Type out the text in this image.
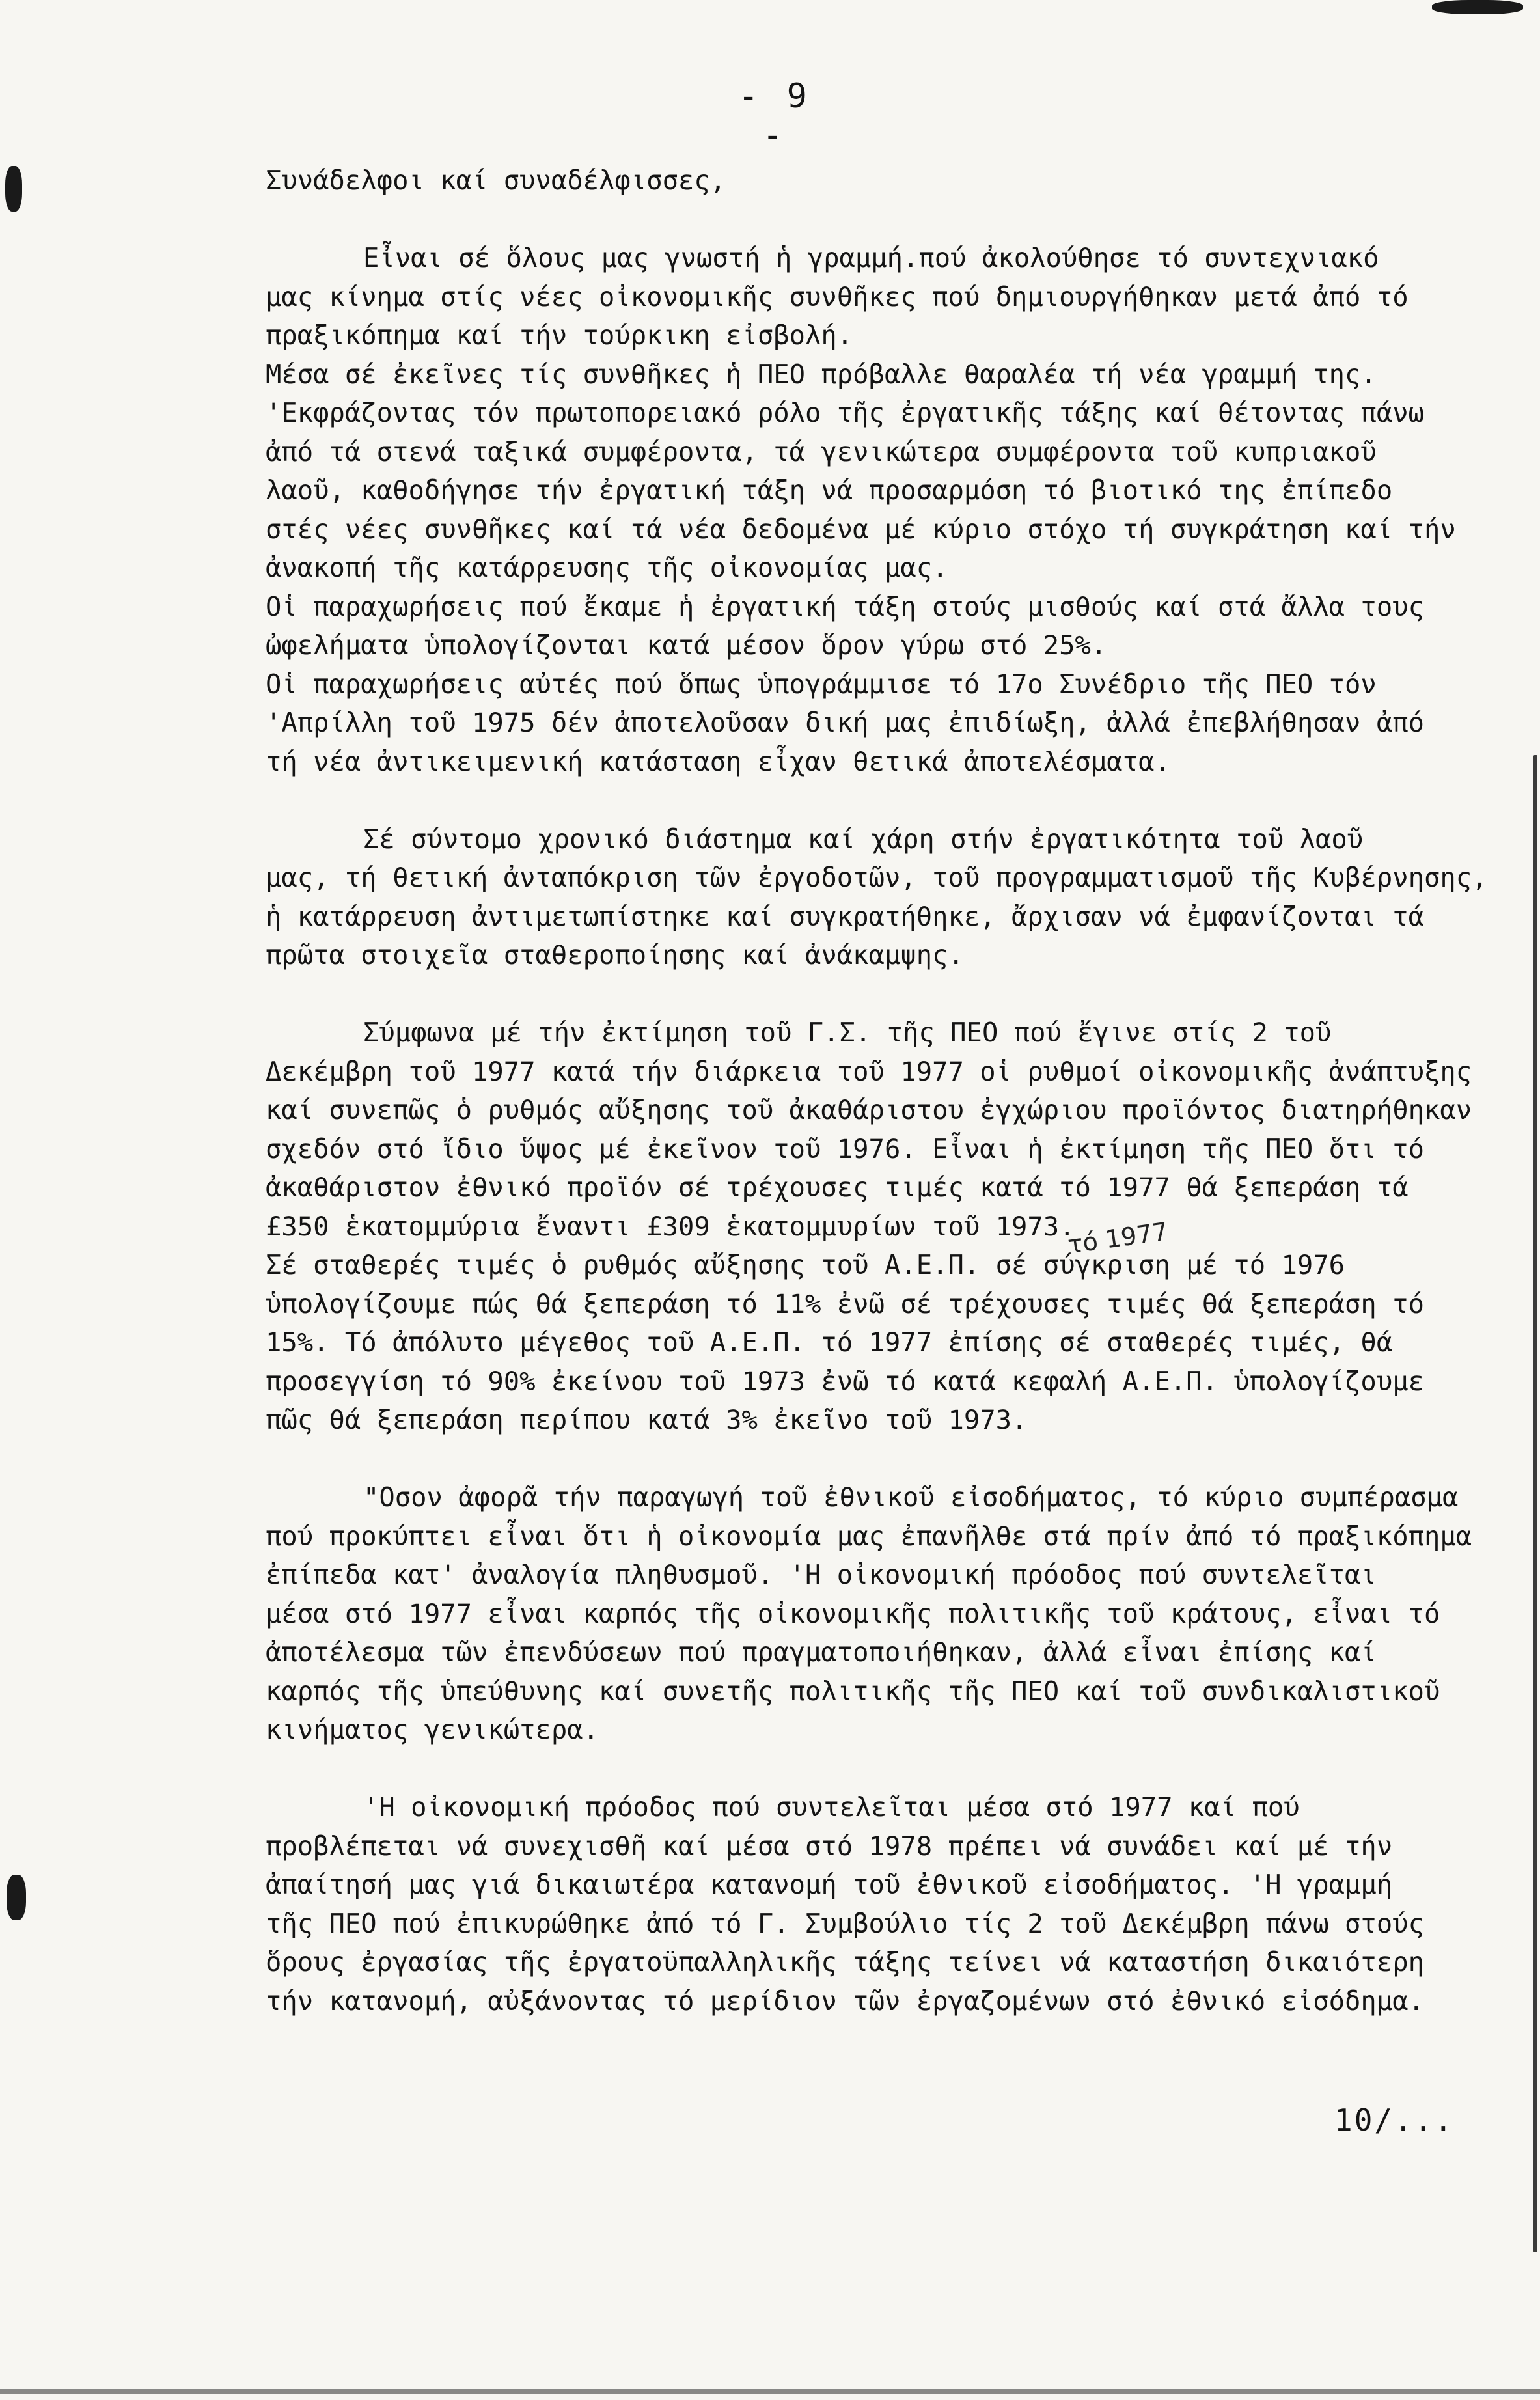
- 9 -
Συνάδελφοι καί συναδέλφισσες,
Εἶναι σέ ὅλους μας γνωστή ἡ γραμμή.πού ἀκολούθησε τό συντεχνιακό
μας κίνημα στίς νέες οἰκονομικῆς συνθῆκες πού δημιουργήθηκαν μετά ἀπό τό
πραξικόπημα καί τήν τούρκικη εἰσβολή.
Μέσα σέ ἐκεῖνες τίς συνθῆκες ἡ ΠΕΟ πρόβαλλε θαραλέα τή νέα γραμμή της.
'Εκφράζοντας τόν πρωτοπορειακό ρόλο τῆς ἐργατικῆς τάξης καί θέτοντας πάνω
ἀπό τά στενά ταξικά συμφέροντα, τά γενικώτερα συμφέροντα τοῦ κυπριακοῦ
λαοῦ, καθοδήγησε τήν ἐργατική τάξη νά προσαρμόση τό βιοτικό της ἐπίπεδο
στές νέες συνθῆκες καί τά νέα δεδομένα μέ κύριο στόχο τή συγκράτηση καί τήν
ἀνακοπή τῆς κατάρρευσης τῆς οἰκονομίας μας.
Οἱ παραχωρήσεις πού ἔκαμε ἡ ἐργατική τάξη στούς μισθούς καί στά ἄλλα τους
ὠφελήματα ὑπολογίζονται κατά μέσον ὅρον γύρω στό 25%.
Οἱ παραχωρήσεις αὐτές πού ὅπως ὑπογράμμισε τό 17ο Συνέδριο τῆς ΠΕΟ τόν
'Απρίλλη τοῦ 1975 δέν ἀποτελοῦσαν δική μας ἐπιδίωξη, ἀλλά ἐπεβλήθησαν ἀπό
τή νέα ἀντικειμενική κατάσταση εἶχαν θετικά ἀποτελέσματα.
Σέ σύντομο χρονικό διάστημα καί χάρη στήν ἐργατικότητα τοῦ λαοῦ
μας, τή θετική ἀνταπόκριση τῶν ἐργοδοτῶν, τοῦ προγραμματισμοῦ τῆς Κυβέρνησης,
ἡ κατάρρευση ἀντιμετωπίστηκε καί συγκρατήθηκε, ἄρχισαν νά ἐμφανίζονται τά
πρῶτα στοιχεῖα σταθεροποίησης καί ἀνάκαμψης.
Σύμφωνα μέ τήν ἐκτίμηση τοῦ Γ.Σ. τῆς ΠΕΟ πού ἔγινε στίς 2 τοῦ
Δεκέμβρη τοῦ 1977 κατά τήν διάρκεια τοῦ 1977 οἱ ρυθμοί οἰκονομικῆς ἀνάπτυξης
καί συνεπῶς ὁ ρυθμός αὔξησης τοῦ ἀκαθάριστου ἐγχώριου προϊόντος διατηρήθηκαν
σχεδόν στό ἴδιο ὕψος μέ ἐκεῖνον τοῦ 1976. Εἶναι ἡ ἐκτίμηση τῆς ΠΕΟ ὅτι τό
ἀκαθάριστον ἐθνικό προϊόν σέ τρέχουσες τιμές κατά τό 1977 θά ξεπεράση τά
£350 ἑκατομμύρια ἔναντι £309 ἑκατομμυρίων τοῦ 1973.
Σέ σταθερές τιμές ὁ ρυθμός αὔξησης τοῦ Α.Ε.Π. σέ σύγκριση μέ τό 1976
ὑπολογίζουμε πώς θά ξεπεράση τό 11% ἐνῶ σέ τρέχουσες τιμές θά ξεπεράση τό
15%. Τό ἀπόλυτο μέγεθος τοῦ Α.Ε.Π. τό 1977 ἐπίσης σέ σταθερές τιμές, θά
προσεγγίση τό 90% ἐκείνου τοῦ 1973 ἐνῶ τό κατά κεφαλή Α.Ε.Π. ὑπολογίζουμε
πῶς θά ξεπεράση περίπου κατά 3% ἐκεῖνο τοῦ 1973.
"Οσον ἀφορᾶ τήν παραγωγή τοῦ ἐθνικοῦ εἰσοδήματος, τό κύριο συμπέρασμα
πού προκύπτει εἶναι ὅτι ἡ οἰκονομία μας ἐπανῆλθε στά πρίν ἀπό τό πραξικόπημα
ἐπίπεδα κατ' ἀναλογία πληθυσμοῦ. 'Η οἰκονομική πρόοδος πού συντελεῖται
μέσα στό 1977 εἶναι καρπός τῆς οἰκονομικῆς πολιτικῆς τοῦ κράτους, εἶναι τό
ἀποτέλεσμα τῶν ἐπενδύσεων πού πραγματοποιήθηκαν, ἀλλά εἶναι ἐπίσης καί
καρπός τῆς ὑπεύθυνης καί συνετῆς πολιτικῆς τῆς ΠΕΟ καί τοῦ συνδικαλιστικοῦ
κινήματος γενικώτερα.
'Η οἰκονομική πρόοδος πού συντελεῖται μέσα στό 1977 καί πού
προβλέπεται νά συνεχισθῆ καί μέσα στό 1978 πρέπει νά συνάδει καί μέ τήν
ἀπαίτησή μας γιά δικαιωτέρα κατανομή τοῦ ἐθνικοῦ εἰσοδήματος. 'Η γραμμή
τῆς ΠΕΟ πού ἐπικυρώθηκε ἀπό τό Γ. Συμβούλιο τίς 2 τοῦ Δεκέμβρη πάνω στούς
ὅρους ἐργασίας τῆς ἐργατοϋπαλληλικῆς τάξης τείνει νά καταστήση δικαιότερη
τήν κατανομή, αὐξάνοντας τό μερίδιον τῶν ἐργαζομένων στό ἐθνικό εἰσόδημα.
τό 1977
10/...
